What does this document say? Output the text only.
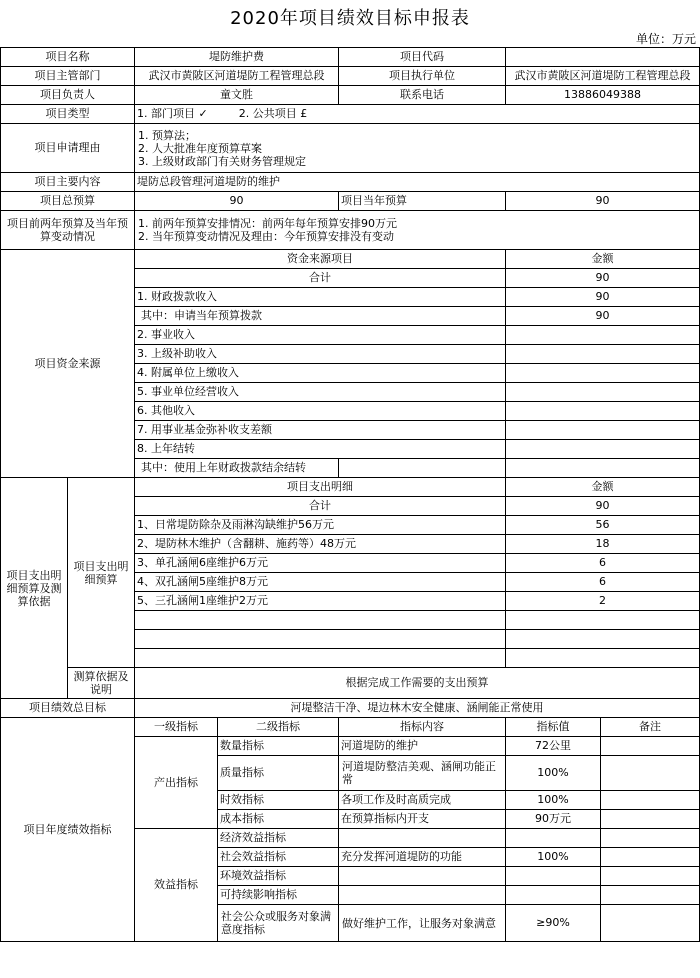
2020年项目绩效目标申报表
单位：万元
项目名称		堤防维护费		项目代码		
项目主管部门		武汉市黄陂区河道堤防工程管理总段		项目执行单位	武汉市黄陂区河道堤防工程管理总段	
项目负责人		童文胜		联系电话	13886049388	
项目类型		1. 部门项目 ✓ 2. 公共项目 £				
项目申请理由		1. 预算法；
2. 人大批准年度预算草案
3. 上级财政部门有关财务管理规定				

项目主要内容		堤防总段管理河道堤防的维护				
项目总预算		90		项目当年预算	90	
项目前两年预算及当年预算变动情况		1. 前两年预算安排情况：前两年每年预算安排90万元
2. 当年预算变动情况及理由：今年预算安排没有变动				

项目资金来源		资金来源项目			金额	
		合计			90	
		1. 财政拨款收入			90	
		其中：申请当年预算拨款			90	
		2. 事业收入				
		3. 上级补助收入				
		4. 附属单位上缴收入				
		5. 事业单位经营收入				
		6. 其他收入				
		7. 用事业基金弥补收支差额				
		8. 上年结转				
		其中：使用上年财政拨款结余结转				
项目支出明细预算及测算依据	项目支出明细预算	项目支出明细			金额	
		合计			90	
		1、日常堤防除杂及雨淋沟缺维护56万元			56	
		2、堤防林木维护（含翻耕、施药等）48万元			18	
		3、单孔涵闸6座维护6万元			6	
		4、双孔涵闸5座维护8万元			6	
		5、三孔涵闸1座维护2万元			2	

	测算依据及说明	根据完成工作需要的支出预算				

项目绩效总目标		河堤整洁干净、堤边林木安全健康、涵闸能正常使用				
项目年度绩效指标		一级指标	二级指标	指标内容	指标值	备注
		产出指标	数量指标	河道堤防的维护	72公里	
			质量指标	河道堤防整洁美观、涵闸功能正常	100%	
			时效指标	各项工作及时高质完成	100%	
			成本指标	在预算指标内开支	90万元	
		效益指标	经济效益指标			
			社会效益指标	充分发挥河道堤防的功能	100%	
			环境效益指标			
			可持续影响指标			
			社会公众或服务对象满意度指标	做好维护工作，让服务对象满意	≥90%	
